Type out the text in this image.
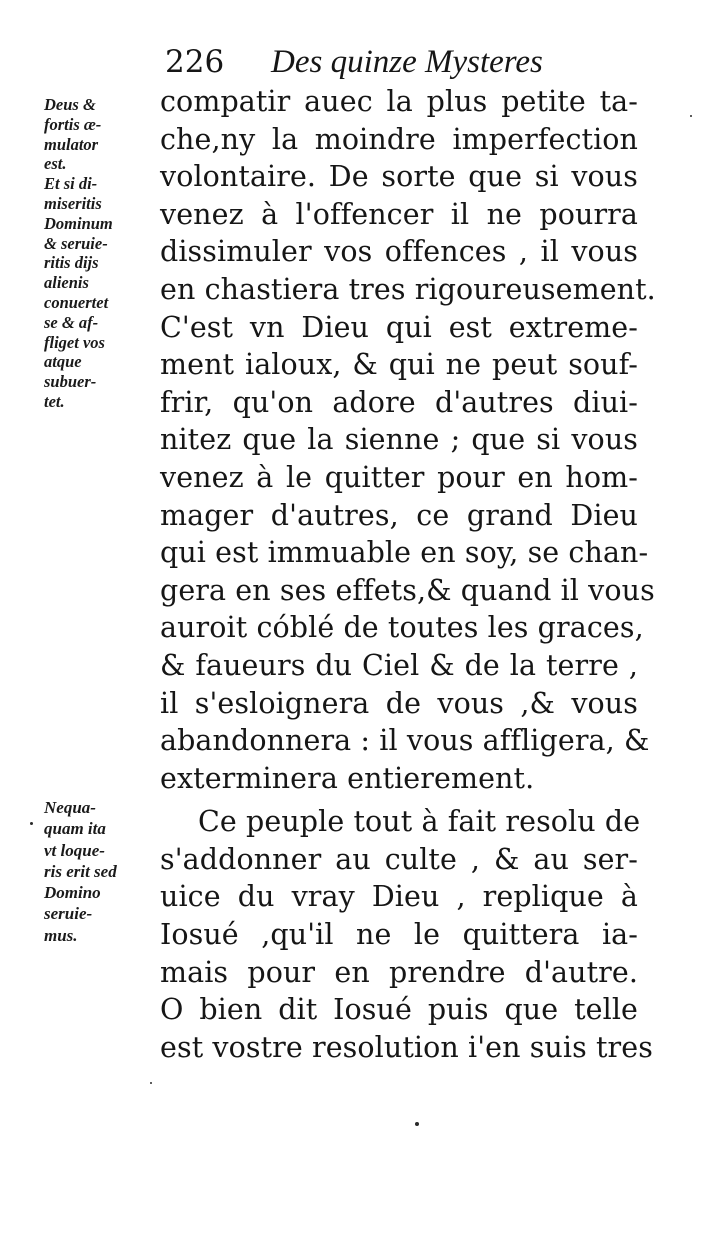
226 Des quinze Mysteres
compatir auec la plus petite ta-
che,ny la moindre imperfection
volontaire. De sorte que si vous
venez à l'offencer il ne pourra
dissimuler vos offences , il vous
en chastiera tres rigoureusement.
C'est vn Dieu qui est extreme-
ment ialoux, & qui ne peut souf-
frir, qu'on adore d'autres diui-
nitez que la sienne ; que si vous
venez à le quitter pour en hom-
mager d'autres, ce grand Dieu
qui est immuable en soy, se chan-
gera en ses effets,& quand il vous
auroit cóblé de toutes les graces,
& faueurs du Ciel & de la terre ,
il s'esloignera de vous ,& vous
abandonnera : il vous affligera, &
exterminera entierement.
Ce peuple tout à fait resolu de
s'addonner au culte , & au ser-
uice du vray Dieu , replique à
Iosué ,qu'il ne le quittera ia-
mais pour en prendre d'autre.
O bien dit Iosué puis que telle
est vostre resolution i'en suis tres
Deus &
fortis æ-
mulator
est.
Et si di-
miseritis
Dominum
& seruie-
ritis dijs
alienis
conuertet
se & af-
fliget vos
atque
subuer-
tet.
Nequa-
quam ita
vt loque-
ris erit sed
Domino
seruie-
mus.
